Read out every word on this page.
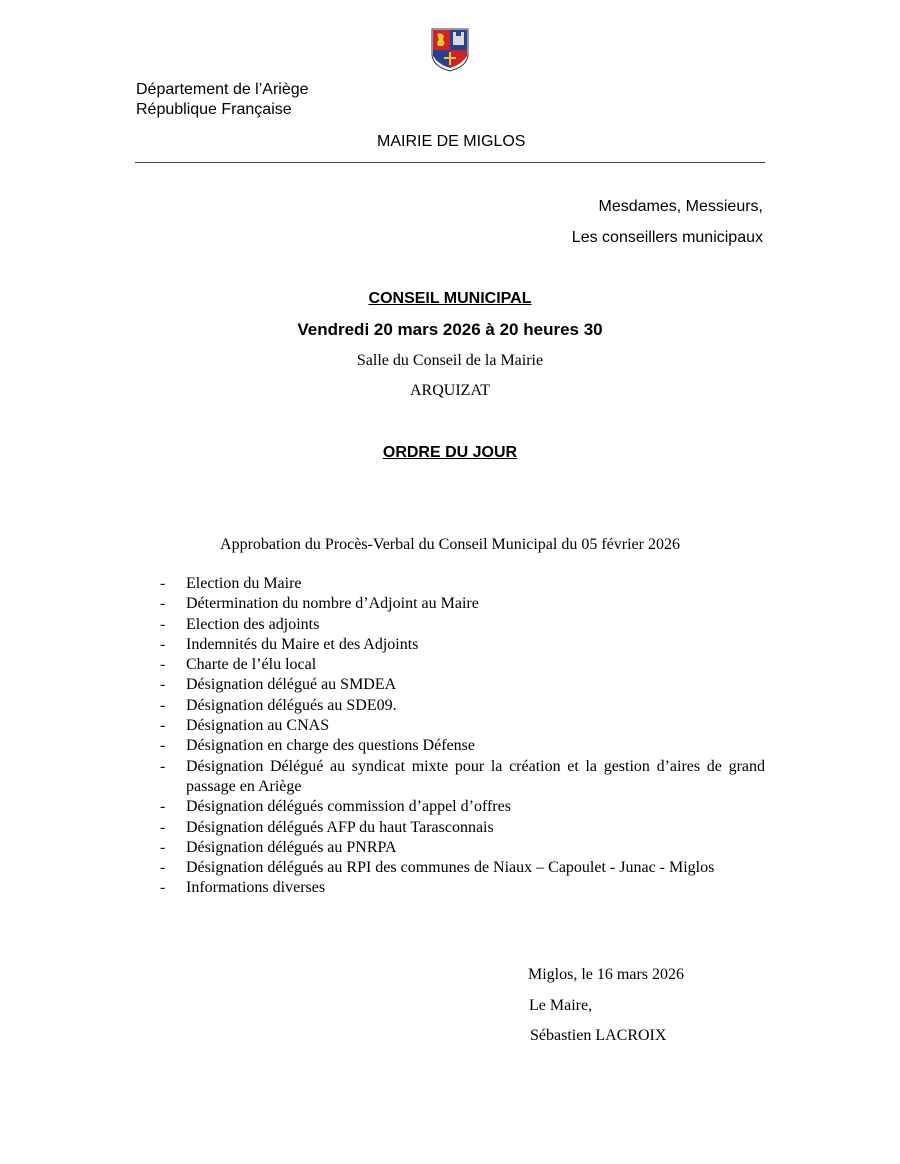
Département de l’Ariège
République Française
MAIRIE DE MIGLOS
Mesdames, Messieurs,
Les conseillers municipaux
CONSEIL MUNICIPAL
Vendredi 20 mars 2026 à 20 heures 30
Salle du Conseil de la Mairie
ARQUIZAT
ORDRE DU JOUR
Approbation du Procès-Verbal du Conseil Municipal du 05 février 2026
- Election du Maire
- Détermination du nombre d’Adjoint au Maire
- Election des adjoints
- Indemnités du Maire et des Adjoints
- Charte de l’élu local
- Désignation délégué au SMDEA
- Désignation délégués au SDE09.
- Désignation au CNAS
- Désignation en charge des questions Défense
- Désignation Délégué au syndicat mixte pour la création et la gestion d’aires de grand passage en Ariège
- Désignation délégués commission d’appel d’offres
- Désignation délégués AFP du haut Tarasconnais
- Désignation délégués au PNRPA
- Désignation délégués au RPI des communes de Niaux – Capoulet - Junac - Miglos
- Informations diverses
Miglos, le 16 mars 2026
Le Maire,
Sébastien LACROIX
